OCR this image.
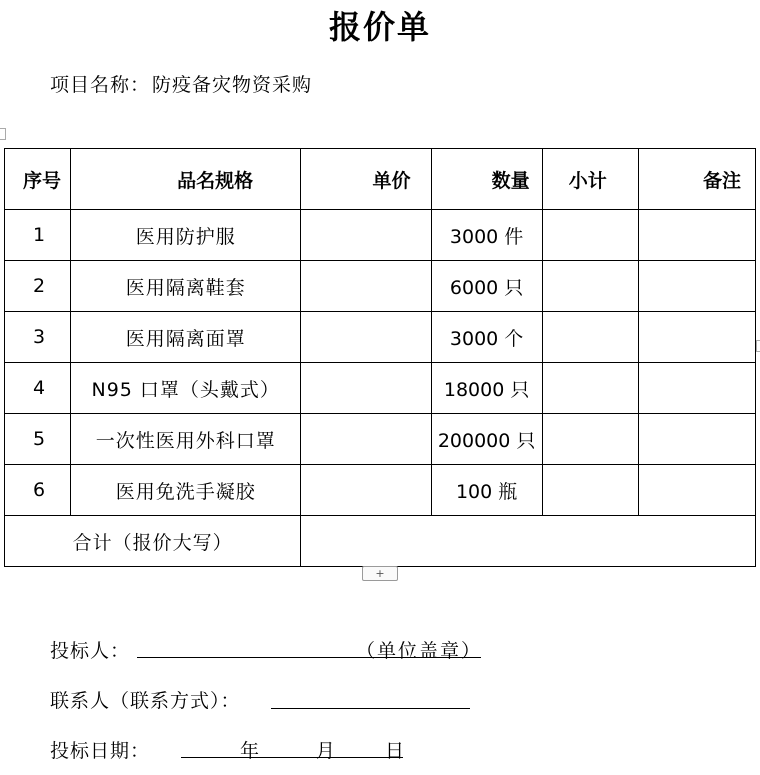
报价单
项目名称： 防疫备灾物资采购
序号	品名规格	单价	数量	小计	备注
1	医用防护服		3000 件		
2	医用隔离鞋套		6000 只		
3	医用隔离面罩		3000 个		
4	N95 口罩（头戴式）		18000 只		
5	一次性医用外科口罩		200000 只		
6	医用免洗手凝胶		100 瓶		
合计（报价大写）					
+
投标人：	（单位盖章）
联系人（联系方式）：
投标日期：	年	月	日
